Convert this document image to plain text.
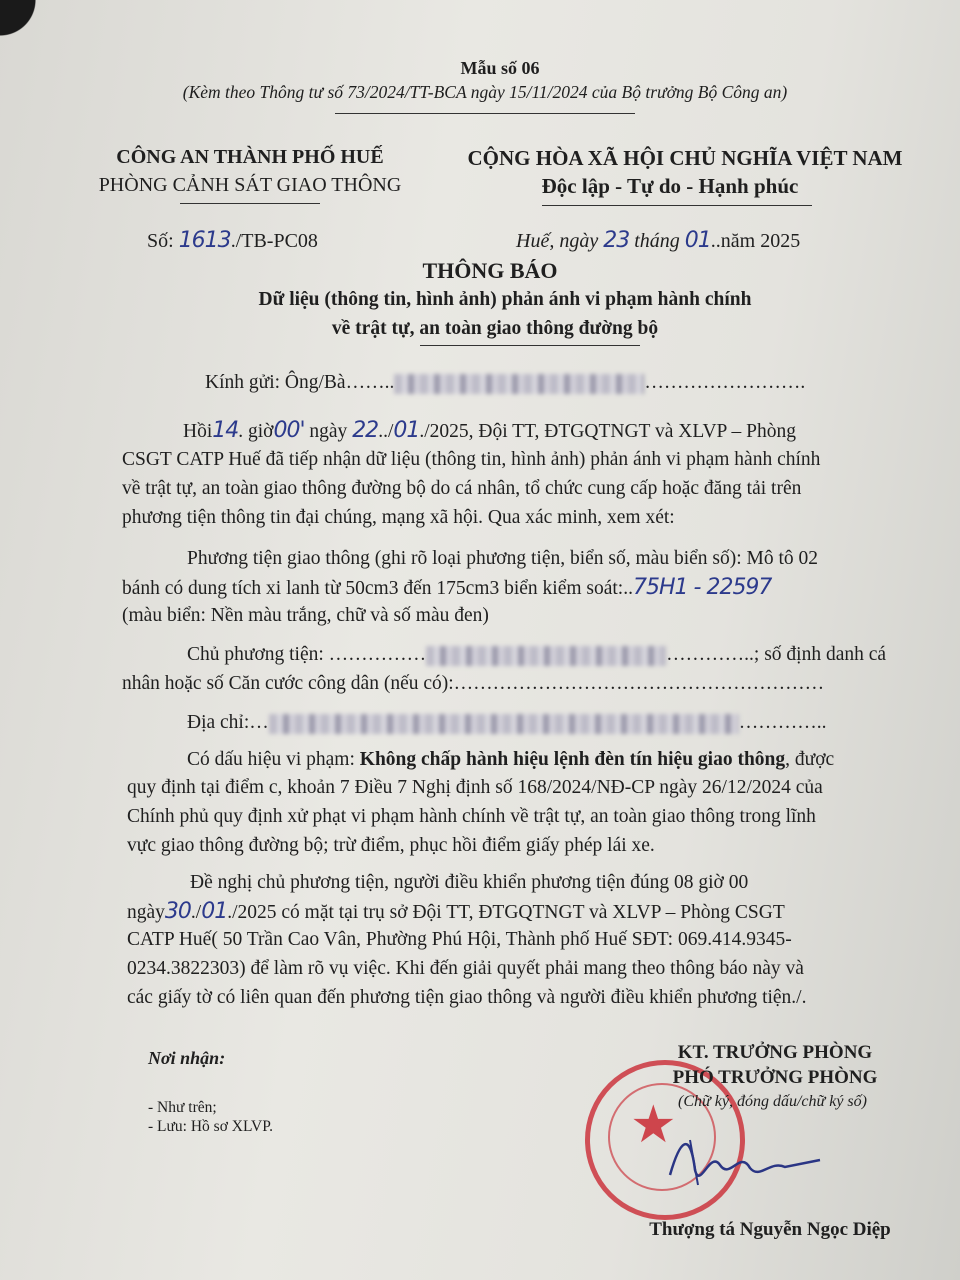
Mẫu số 06
(Kèm theo Thông tư số 73/2024/TT-BCA ngày 15/11/2024 của Bộ trưởng Bộ Công an)
CÔNG AN THÀNH PHỐ HUẾ
PHÒNG CẢNH SÁT GIAO THÔNG
CỘNG HÒA XÃ HỘI CHỦ NGHĨA VIỆT NAM
Độc lập - Tự do - Hạnh phúc
Số: 1613./TB-PC08	Huế, ngày 23 tháng 01..năm 2025
THÔNG BÁO
Dữ liệu (thông tin, hình ảnh) phản ánh vi phạm hành chính
về trật tự, an toàn giao thông đường bộ
Kính gửi: Ông/Bà……..	…………………….
Hồi14. giờ00' ngày 22../01./2025, Đội TT, ĐTGQTNGT và XLVP – Phòng
CSGT CATP Huế đã tiếp nhận dữ liệu (thông tin, hình ảnh) phản ánh vi phạm hành chính
về trật tự, an toàn giao thông đường bộ do cá nhân, tổ chức cung cấp hoặc đăng tải trên
phương tiện thông tin đại chúng, mạng xã hội. Qua xác minh, xem xét:
Phương tiện giao thông (ghi rõ loại phương tiện, biển số, màu biển số): Mô tô 02
bánh có dung tích xi lanh từ 50cm3 đến 175cm3 biển kiểm soát:..75H1 - 22597
(màu biển: Nền màu trắng, chữ và số màu đen)
Chủ phương tiện: ……………	…………..; số định danh cá
nhân hoặc số Căn cước công dân (nếu có):…………………………………………………
Địa chỉ:…	…………..
Có dấu hiệu vi phạm: Không chấp hành hiệu lệnh đèn tín hiệu giao thông, được
quy định tại điểm c, khoản 7 Điều 7 Nghị định số 168/2024/NĐ-CP ngày 26/12/2024 của
Chính phủ quy định xử phạt vi phạm hành chính về trật tự, an toàn giao thông trong lĩnh
vực giao thông đường bộ; trừ điểm, phục hồi điểm giấy phép lái xe.
Đề nghị chủ phương tiện, người điều khiển phương tiện đúng 08 giờ 00
ngày30./01./2025 có mặt tại trụ sở Đội TT, ĐTGQTNGT và XLVP – Phòng CSGT
CATP Huế( 50 Trần Cao Vân, Phường Phú Hội, Thành phố Huế SĐT: 069.414.9345-
0234.3822303) để làm rõ vụ việc. Khi đến giải quyết phải mang theo thông báo này và
các giấy tờ có liên quan đến phương tiện giao thông và người điều khiển phương tiện./.
Nơi nhận:
- Như trên;
- Lưu: Hồ sơ XLVP.	★
KT. TRƯỞNG PHÒNG
PHÓ TRƯỞNG PHÒNG
(Chữ ký, đóng dấu/chữ ký số)
Thượng tá Nguyễn Ngọc Diệp
